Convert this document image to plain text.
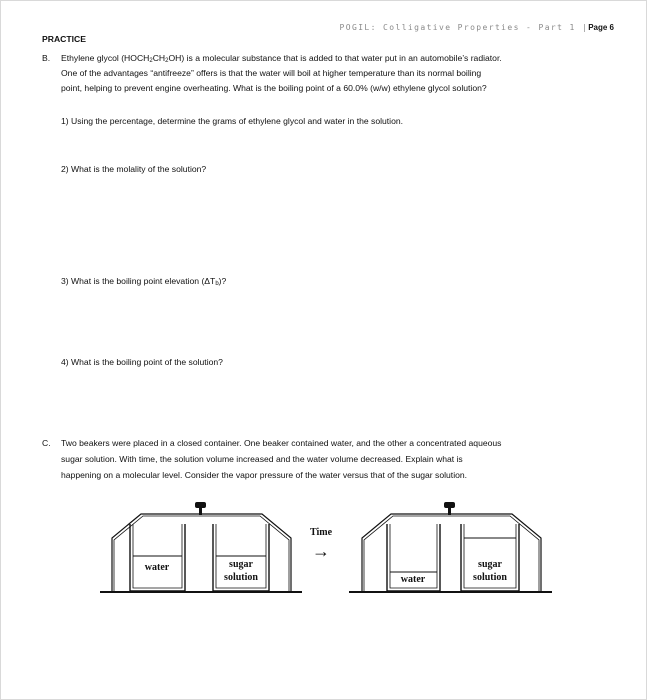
POGIL: Colligative Properties - Part 1 |Page 6
PRACTICE
B. Ethylene glycol $(HOCH_2CH_2OH)$ is a molecular substance that is added to that water put in an automobile’s radiator.
One of the advantages “antifreeze” offers is that the water will boil at higher temperature than its normal boiling
point, helping to prevent engine overheating. What is the boiling point of a 60.0% (w/w) ethylene glycol solution?
1) Using the percentage, determine the grams of ethylene glycol and water in the solution.
2) What is the molality of the solution?
3) What is the boiling point elevation $(\Delta T_b)$?
4) What is the boiling point of the solution?
C. Two beakers were placed in a closed container. One beaker contained water, and the other a concentrated aqueous
sugar solution. With time, the solution volume increased and the water volume decreased. Explain what is
happening on a molecular level. Consider the vapor pressure of the water versus that of the sugar solution.
water	sugar
solution
Time
→
water
sugar
solution
